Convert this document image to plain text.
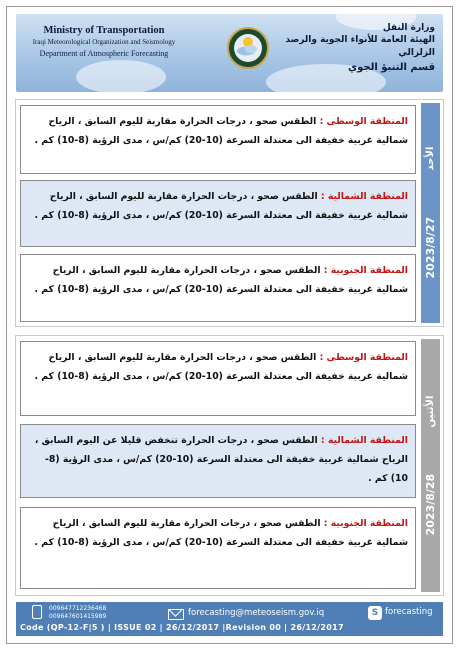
Ministry of Transportation
Iraqi Meteorological Organization and Seismology
Department of Atmospheric Forecasting
وزارة النقل
الهيئة العامة للأنواء الجوية والرصد الزلزالي
قسم التنبؤ الجوي
المنطقة الوسطى : الطقس صحو ، درجات الحرارة مقاربة لليوم السابق ، الرياح شمالية غربية خفيفة الى معتدلة السرعة (10-20) كم/س ، مدى الرؤية (8-10) كم .
المنطقة الشمالية : الطقس صحو ، درجات الحرارة مقاربة لليوم السابق ، الرياح شمالية غربية خفيفة الى معتدلة السرعة (10-20) كم/س ، مدى الرؤية (8-10) كم .
المنطقة الجنوبية : الطقس صحو ، درجات الحرارة مقاربة لليوم السابق ، الرياح شمالية غربية خفيفة الى معتدلة السرعة (10-20) كم/س ، مدى الرؤية (8-10) كم .
2023/8/27
الأحد
المنطقة الوسطى : الطقس صحو ، درجات الحرارة مقاربة لليوم السابق ، الرياح شمالية غربية خفيفة الى معتدلة السرعة (10-20) كم/س ، مدى الرؤية (8-10) كم .
المنطقة الشمالية : الطقس صحو ، درجات الحرارة تنخفض قليلا عن اليوم السابق ، الرياح شمالية غربية خفيفة الى معتدلة السرعة (10-20) كم/س ، مدى الرؤية (8-10) كم .
المنطقة الجنوبية : الطقس صحو ، درجات الحرارة مقاربة لليوم السابق ، الرياح شمالية غربية خفيفة الى معتدلة السرعة (10-20) كم/س ، مدى الرؤية (8-10) كم .
2023/8/28
الأثنين
009647712236468
009647601415989	forecasting@meteoseism.gov.iq	S forecasting
Code (QP-12-F|5 ) | ISSUE 02 | 26/12/2017 |Revision 00 | 26/12/2017
